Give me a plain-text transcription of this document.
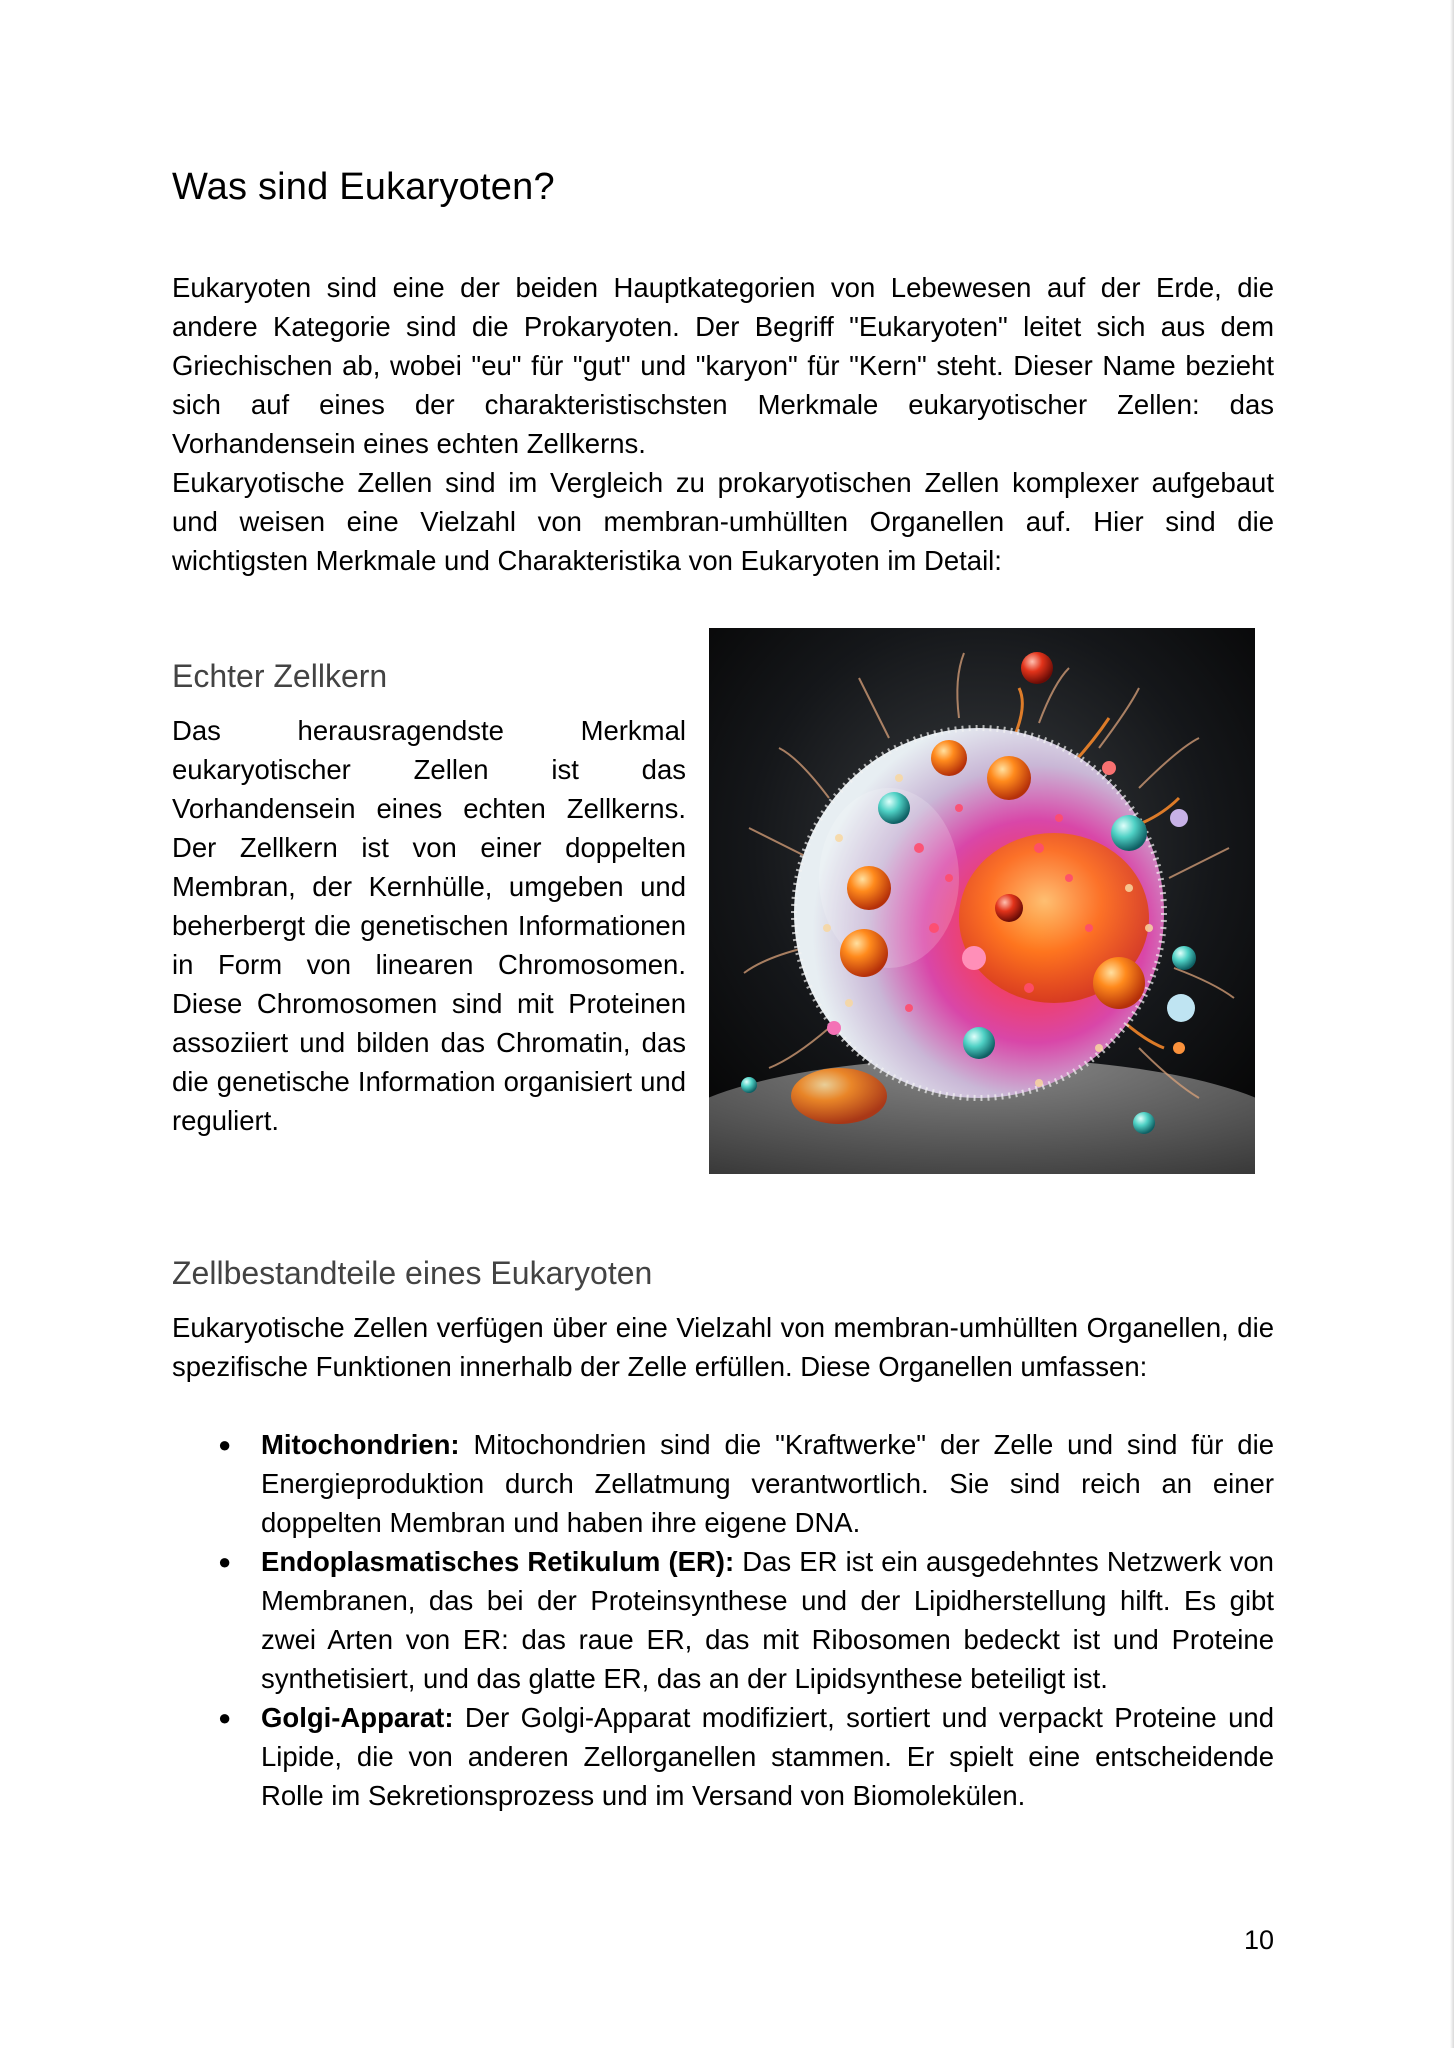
Was sind Eukaryoten?

Eukaryoten sind eine der beiden Hauptkategorien von Lebewesen auf der Erde, die andere Kategorie sind die Prokaryoten. Der Begriff "Eukaryoten" leitet sich aus dem Griechischen ab, wobei "eu" für "gut" und "karyon" für "Kern" steht. Dieser Name bezieht sich auf eines der charakteristischsten Merkmale eukaryotischer Zellen: das Vorhandensein eines echten Zellkerns.

Eukaryotische Zellen sind im Vergleich zu prokaryotischen Zellen komplexer aufgebaut und weisen eine Vielzahl von membran-umhüllten Organellen auf. Hier sind die wichtigsten Merkmale und Charakteristika von Eukaryoten im Detail:

Echter Zellkern

Das herausragendste Merkmal eukaryotischer Zellen ist das Vorhandensein eines echten Zellkerns. Der Zellkern ist von einer doppelten Membran, der Kernhülle, umgeben und beherbergt die genetischen Informationen in Form von linearen Chromosomen. Diese Chromosomen sind mit Proteinen assoziiert und bilden das Chromatin, das die genetische Information organisiert und reguliert.

Zellbestandteile eines Eukaryoten

Eukaryotische Zellen verfügen über eine Vielzahl von membran-umhüllten Organellen, die spezifische Funktionen innerhalb der Zelle erfüllen. Diese Organellen umfassen:

● Mitochondrien: Mitochondrien sind die "Kraftwerke" der Zelle und sind für die Energieproduktion durch Zellatmung verantwortlich. Sie sind reich an einer doppelten Membran und haben ihre eigene DNA.
● Endoplasmatisches Retikulum (ER): Das ER ist ein ausgedehntes Netzwerk von Membranen, das bei der Proteinsynthese und der Lipidherstellung hilft. Es gibt zwei Arten von ER: das raue ER, das mit Ribosomen bedeckt ist und Proteine synthetisiert, und das glatte ER, das an der Lipidsynthese beteiligt ist.
● Golgi-Apparat: Der Golgi-Apparat modifiziert, sortiert und verpackt Proteine und Lipide, die von anderen Zellorganellen stammen. Er spielt eine entscheidende Rolle im Sekretionsprozess und im Versand von Biomolekülen.
10
